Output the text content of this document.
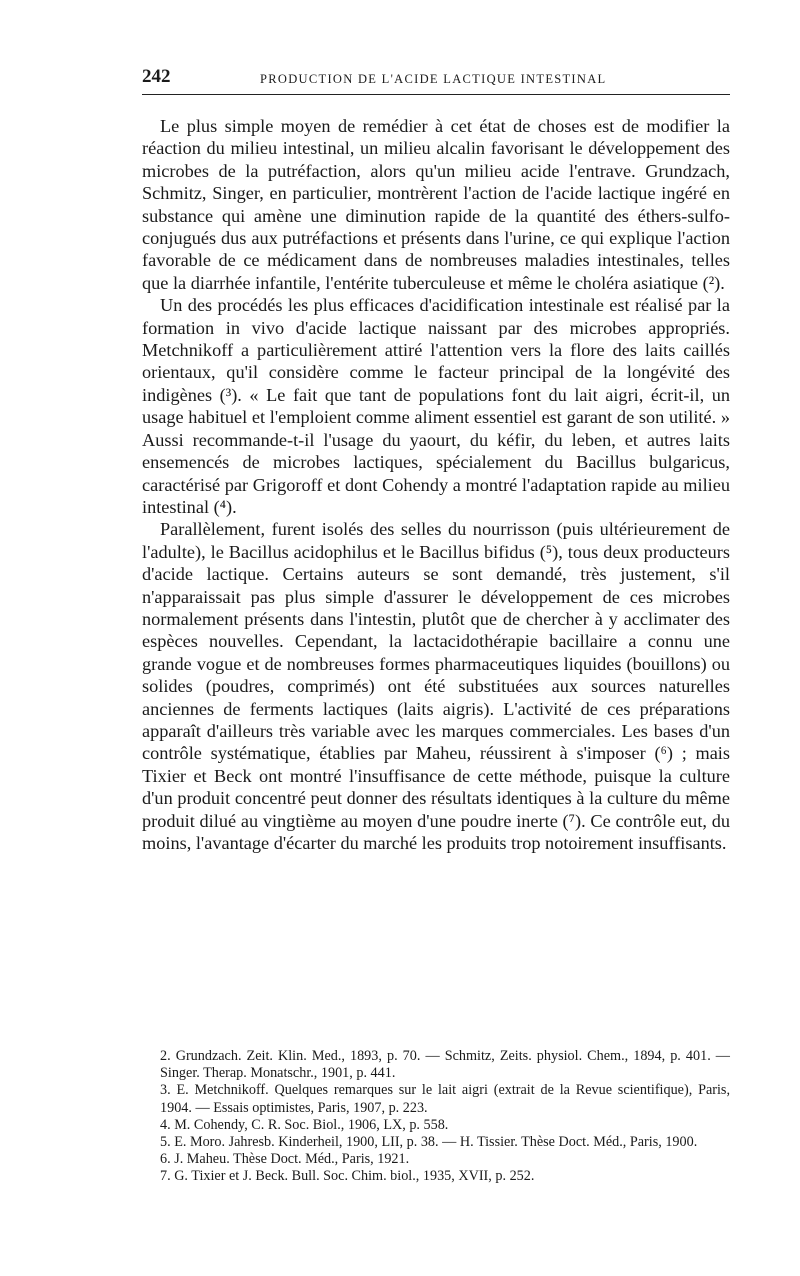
242	PRODUCTION DE L'ACIDE LACTIQUE INTESTINAL

Le plus simple moyen de remédier à cet état de choses est de modifier la réaction du milieu intestinal, un milieu alcalin favorisant le développement des microbes de la putréfaction, alors qu'un milieu acide l'entrave. Grundzach, Schmitz, Singer, en particulier, montrèrent l'action de l'acide lactique ingéré en substance qui amène une diminution rapide de la quantité des éthers-sulfo-conjugués dus aux putréfactions et présents dans l'urine, ce qui explique l'action favorable de ce médicament dans de nombreuses maladies intestinales, telles que la diarrhée infantile, l'entérite tuberculeuse et même le choléra asiatique (²).

Un des procédés les plus efficaces d'acidification intestinale est réalisé par la formation in vivo d'acide lactique naissant par des microbes appropriés. Metchnikoff a particulièrement attiré l'attention vers la flore des laits caillés orientaux, qu'il considère comme le facteur principal de la longévité des indigènes (³). « Le fait que tant de populations font du lait aigri, écrit-il, un usage habituel et l'emploient comme aliment essentiel est garant de son utilité. » Aussi recommande-t-il l'usage du yaourt, du kéfir, du leben, et autres laits ensemencés de microbes lactiques, spécialement du Bacillus bulgaricus, caractérisé par Grigoroff et dont Cohendy a montré l'adaptation rapide au milieu intestinal (⁴).

Parallèlement, furent isolés des selles du nourrisson (puis ultérieurement de l'adulte), le Bacillus acidophilus et le Bacillus bifidus (⁵), tous deux producteurs d'acide lactique. Certains auteurs se sont demandé, très justement, s'il n'apparaissait pas plus simple d'assurer le développement de ces microbes normalement présents dans l'intestin, plutôt que de chercher à y acclimater des espèces nouvelles. Cependant, la lactacidothérapie bacillaire a connu une grande vogue et de nombreuses formes pharmaceutiques liquides (bouillons) ou solides (poudres, comprimés) ont été substituées aux sources naturelles anciennes de ferments lactiques (laits aigris). L'activité de ces préparations apparaît d'ailleurs très variable avec les marques commerciales. Les bases d'un contrôle systématique, établies par Maheu, réussirent à s'imposer (⁶) ; mais Tixier et Beck ont montré l'insuffisance de cette méthode, puisque la culture d'un produit concentré peut donner des résultats identiques à la culture du même produit dilué au vingtième au moyen d'une poudre inerte (⁷). Ce contrôle eut, du moins, l'avantage d'écarter du marché les produits trop notoirement insuffisants.

2. Grundzach. Zeit. Klin. Med., 1893, p. 70. — Schmitz, Zeits. physiol. Chem., 1894, p. 401. — Singer. Therap. Monatschr., 1901, p. 441.

3. E. Metchnikoff. Quelques remarques sur le lait aigri (extrait de la Revue scientifique), Paris, 1904. — Essais optimistes, Paris, 1907, p. 223.

4. M. Cohendy, C. R. Soc. Biol., 1906, LX, p. 558.

5. E. Moro. Jahresb. Kinderheil, 1900, LII, p. 38. — H. Tissier. Thèse Doct. Méd., Paris, 1900.

6. J. Maheu. Thèse Doct. Méd., Paris, 1921.

7. G. Tixier et J. Beck. Bull. Soc. Chim. biol., 1935, XVII, p. 252.
